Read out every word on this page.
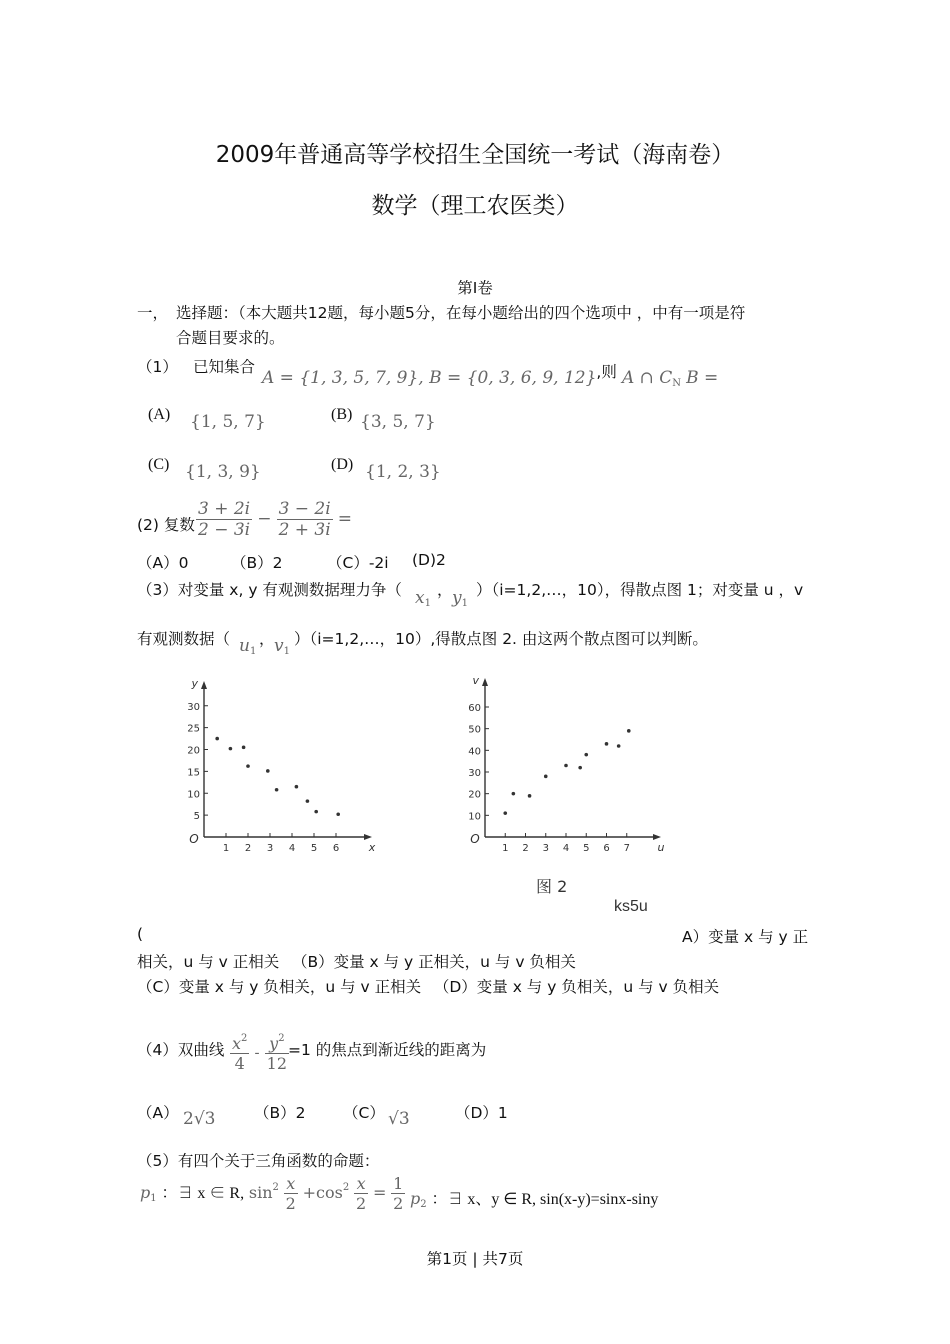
2009年普通高等学校招生全国统一考试（海南卷）
数学（理工农医类）
第I卷
一， 选择题：（本大题共12题，每小题5分，在每小题给出的四个选项中 ，中有一项是符
合题目要求的。
（1） 已知集合
A = {1, 3, 5, 7, 9}, B = {0, 3, 6, 9, 12},则 A ∩ $C_N$ B =
(A) {1, 5, 7}	(B) {3, 5, 7}
(C) {1, 3, 9}	(D) {1, 2, 3}
(2) 复数 $\frac{3 + 2i}{2 - 3i} - \frac{3 - 2i}{2 + 3i}$ =
（A）0	（B）2	（C）-2i (D)2
（3）对变量 x, y 有观测数据理力争（ $x_1$
， $y_1$
）（i=1,2,…，10），得散点图 1；对变量 u ，v
有观测数据（ $u_1$
， $v_1$
）（i=1,2,…，10）,得散点图 2. 由这两个散点图可以判断。
y
x
O
1 2 3 4 5 6
5
10
15
20
25
30
v
u
O
1 2 3 4 5 6 7
10
20
30
40
50
60
图 2
ks5u
(	A）变量 x 与 y 正
相关，u 与 v 正相关 　（B）变量 x 与 y 正相关，u 与 v 负相关
（C）变量 x 与 y 负相关，u 与 v 正相关 　（D）变量 x 与 y 负相关，u 与 v 负相关
（4）双曲线 $\frac{x^2}{4} - \frac{y^2}{12}$
=1 的焦点到渐近线的距离为
（A） 2√3 （B）2 （C） √3	（D）1
（5）有四个关于三角函数的命题：
$p_1$ ：∃ x ∈ R, $\sin^2 \frac{x}{2} +\cos^2 \frac{x}{2} = \frac{1}{2} p_2$ ：∃ x、y ∈ R, sin(x-y)=sinx-siny
第1页 | 共7页
